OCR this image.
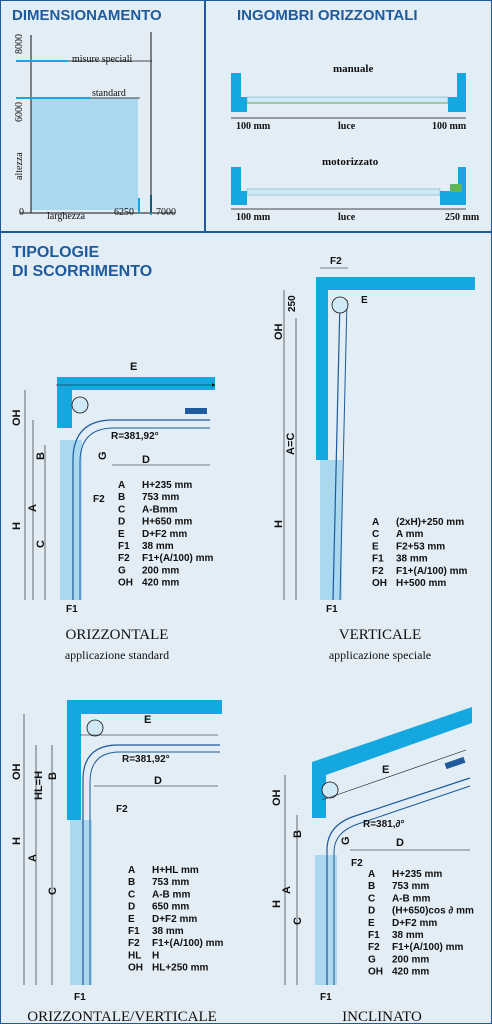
DIMENSIONAMENTO	INGOMBRI ORIZZONTALI
TIPOLOGIE
DI SCORRIMENTO
8000
6000
0
altezza
larghezza	6250 7000
misure speciali
standard
manuale
100 mm	luce	100 mm
motorizzato
100 mm	luce	250 mm
E
OH
B
H
A
C
G	D
F1
F2
R=381,92°
A H+235 mm
B 753 mm
C A-Bmm
D H+650 mm
E D+F2 mm
F1 38 mm
F2 F1+(A/100) mm
G 200 mm
OH 420 mm
ORIZZONTALE
applicazione standard
F2
250	E
OH
A=C
H
F1
A (2xH)+250 mm
C A mm
E F2+53 mm
F1 38 mm
F2 F1+(A/100) mm
OH H+500 mm
VERTICALE
applicazione speciale
E
OH HL=H B
H
A
C
D
F1
F2
R=381,92°
A H+HL mm
B 753 mm
C A-B mm
D 650 mm
E D+F2 mm
F1 38 mm
F2 F1+(A/100) mm
HL H
OH HL+250 mm
ORIZZONTALE/VERTICALE
E
OH
G
B
D
H
A
C
F1
F2
R=381,∂°
A H+235 mm
B 753 mm
C A-B mm
D (H+650)cos ∂ mm
E D+F2 mm
F1 38 mm
F2 F1+(A/100) mm
G 200 mm
OH 420 mm
INCLINATO
